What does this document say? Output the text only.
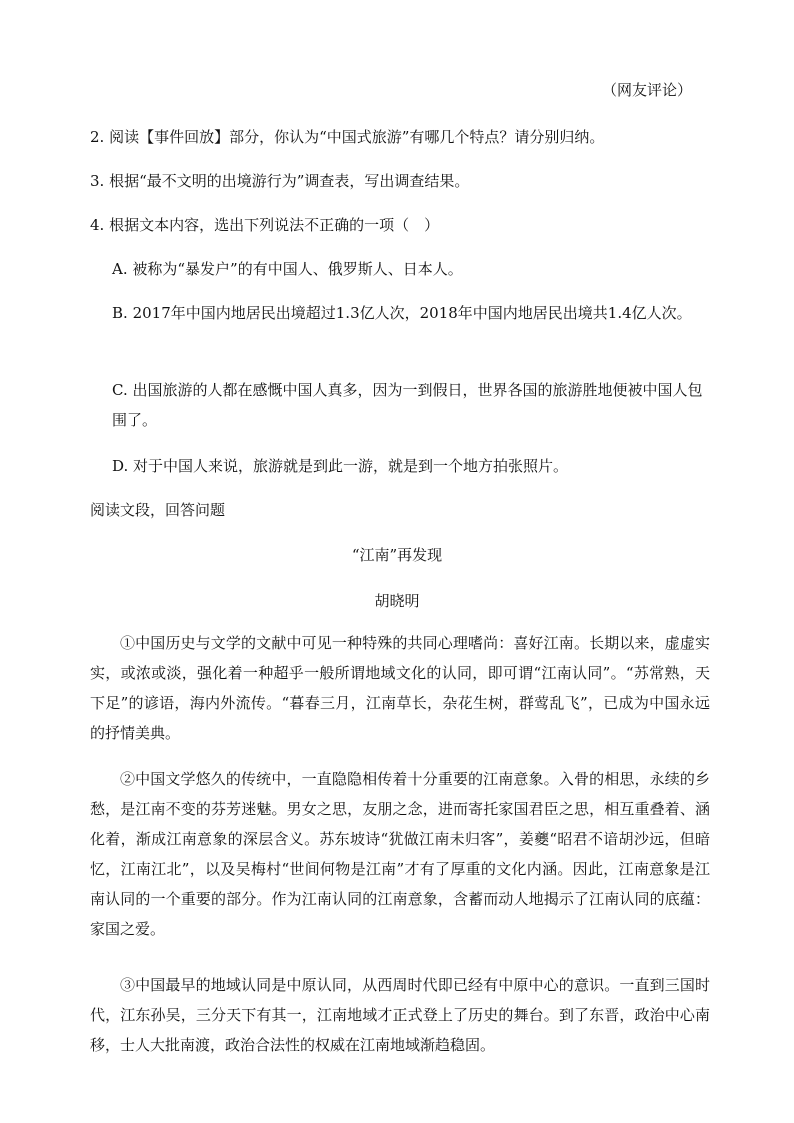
（网友评论）
2. 阅读【事件回放】部分，你认为“中国式旅游”有哪几个特点？请分别归纳。
3. 根据“最不文明的出境游行为”调查表，写出调查结果。
4. 根据文本内容，选出下列说法不正确的一项（　）
A. 被称为“暴发户”的有中国人、俄罗斯人、日本人。

B. 2017年中国内地居民出境超过1.3亿人次，2018年中国内地居民出境共1.4亿人次。

C. 出国旅游的人都在感慨中国人真多，因为一到假日，世界各国的旅游胜地便被中国人包围了。

D. 对于中国人来说，旅游就是到此一游，就是到一个地方拍张照片。
阅读文段，回答问题
“江南”再发现
胡晓明

①中国历史与文学的文献中可见一种特殊的共同心理嗜尚：喜好江南。长期以来，虚虚实实，或浓或淡，强化着一种超乎一般所谓地域文化的认同，即可谓“江南认同”。“苏常熟，天下足”的谚语，海内外流传。“暮春三月，江南草长，杂花生树，群莺乱飞”，已成为中国永远的抒情美典。

②中国文学悠久的传统中，一直隐隐相传着十分重要的江南意象。入骨的相思，永续的乡愁，是江南不变的芬芳迷魅。男女之思，友朋之念，进而寄托家国君臣之思，相互重叠着、涵化着，渐成江南意象的深层含义。苏东坡诗“犹做江南未归客”，姜夔“昭君不谙胡沙远，但暗忆，江南江北”，以及吴梅村“世间何物是江南”才有了厚重的文化内涵。因此，江南意象是江南认同的一个重要的部分。作为江南认同的江南意象，含蓄而动人地揭示了江南认同的底蕴：家国之爱。

③中国最早的地域认同是中原认同，从西周时代即已经有中原中心的意识。一直到三国时代，江东孙吴，三分天下有其一，江南地域才正式登上了历史的舞台。到了东晋，政治中心南移，士人大批南渡，政治合法性的权威在江南地域渐趋稳固。
